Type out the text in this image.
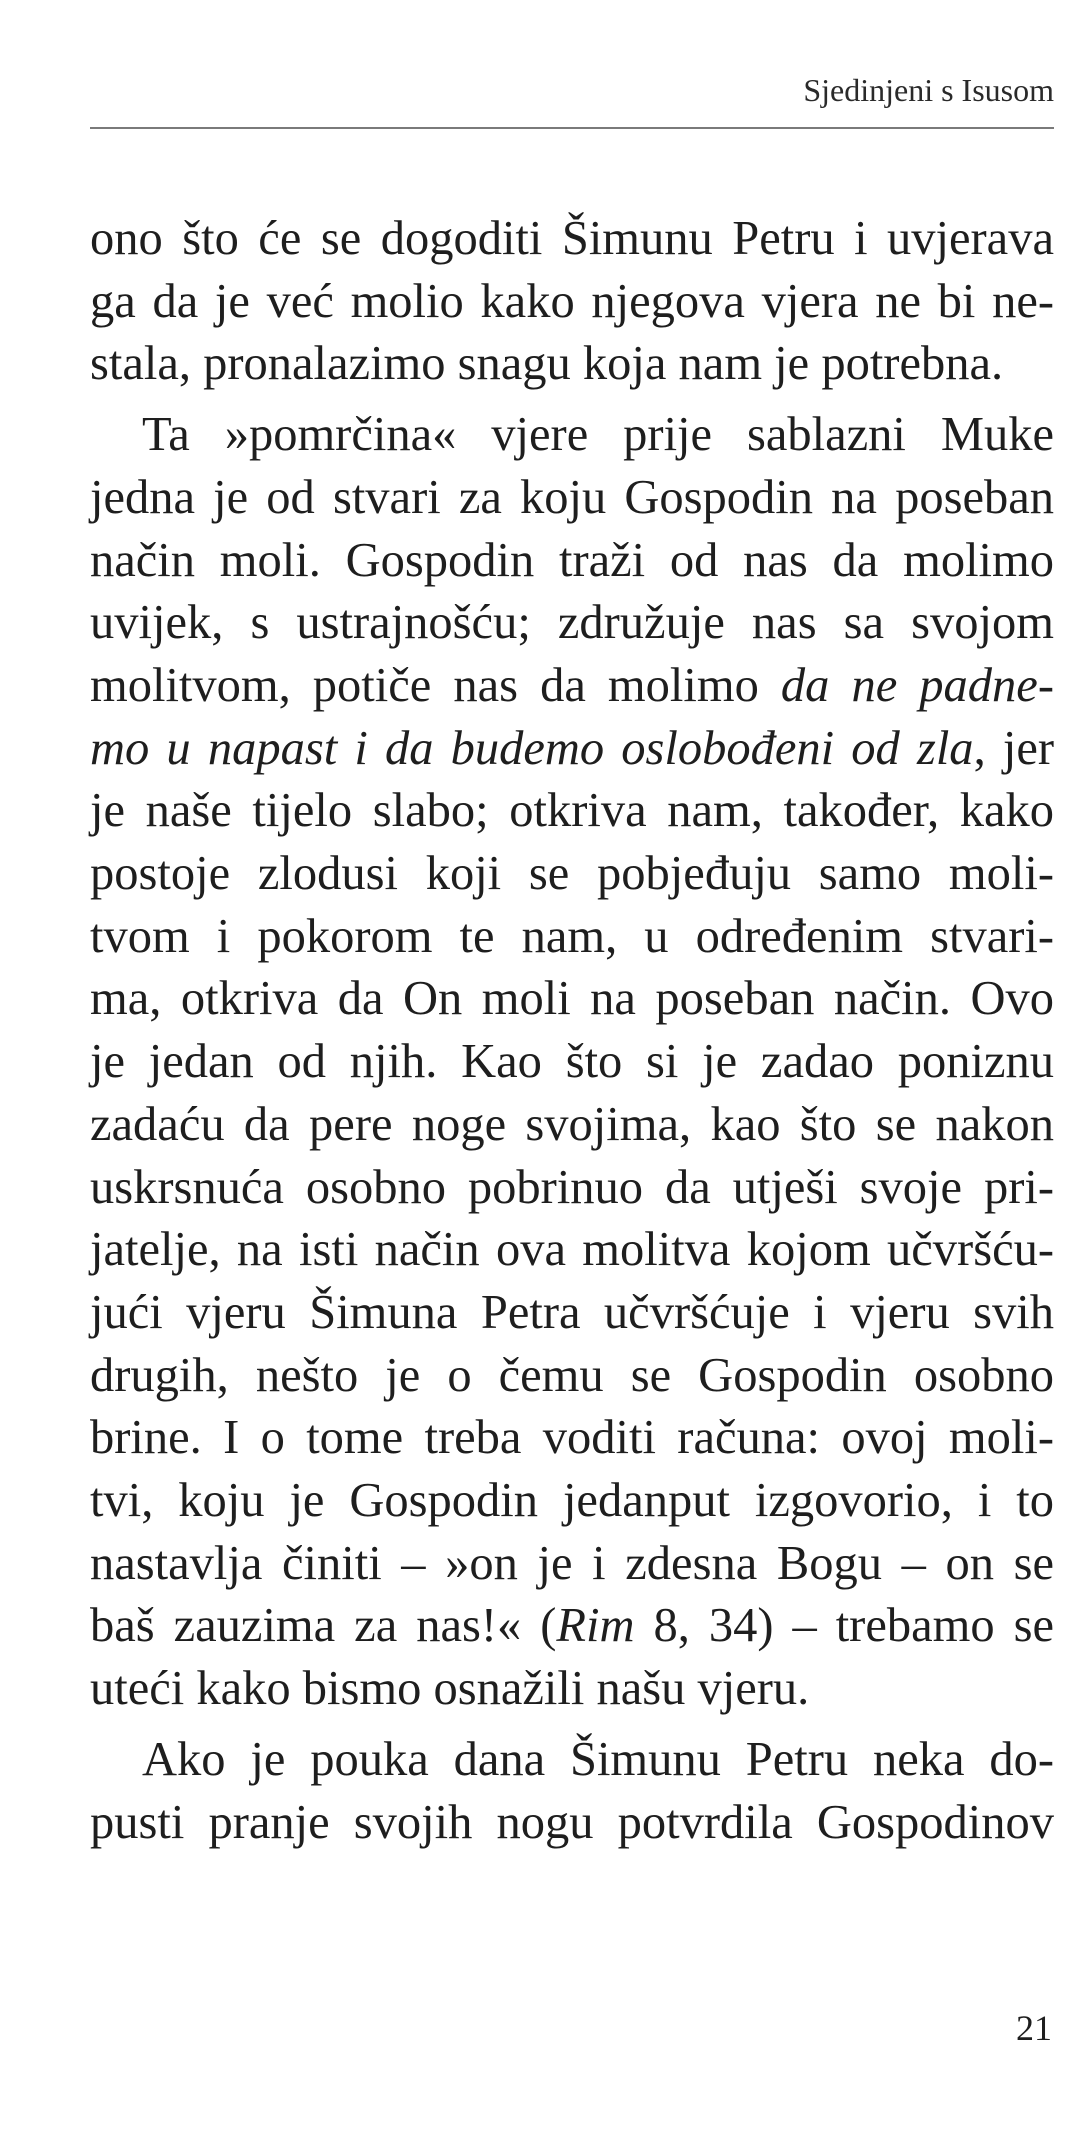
Sjedinjeni s Isusom
ono što će se dogoditi Šimunu Petru i uvjerava
ga da je već molio kako njegova vjera ne bi ne-
stala, pronalazimo snagu koja nam je potrebna.
Ta »pomrčina« vjere prije sablazni Muke
jedna je od stvari za koju Gospodin na poseban
način moli. Gospodin traži od nas da molimo
uvijek, s ustrajnošću; združuje nas sa svojom
molitvom, potiče nas da molimo da ne padne-
mo u napast i da budemo oslobođeni od zla, jer
je naše tijelo slabo; otkriva nam, također, kako
postoje zlodusi koji se pobjeđuju samo moli-
tvom i pokorom te nam, u određenim stvari-
ma, otkriva da On moli na poseban način. Ovo
je jedan od njih. Kao što si je zadao poniznu
zadaću da pere noge svojima, kao što se nakon
uskrsnuća osobno pobrinuo da utješi svoje pri-
jatelje, na isti način ova molitva kojom učvršću-
jući vjeru Šimuna Petra učvršćuje i vjeru svih
drugih, nešto je o čemu se Gospodin osobno
brine. I o tome treba voditi računa: ovoj moli-
tvi, koju je Gospodin jedanput izgovorio, i to
nastavlja činiti – »on je i zdesna Bogu – on se
baš zauzima za nas!« (Rim 8, 34) – trebamo se
uteći kako bismo osnažili našu vjeru.
Ako je pouka dana Šimunu Petru neka do-
pusti pranje svojih nogu potvrdila Gospodinov
21
